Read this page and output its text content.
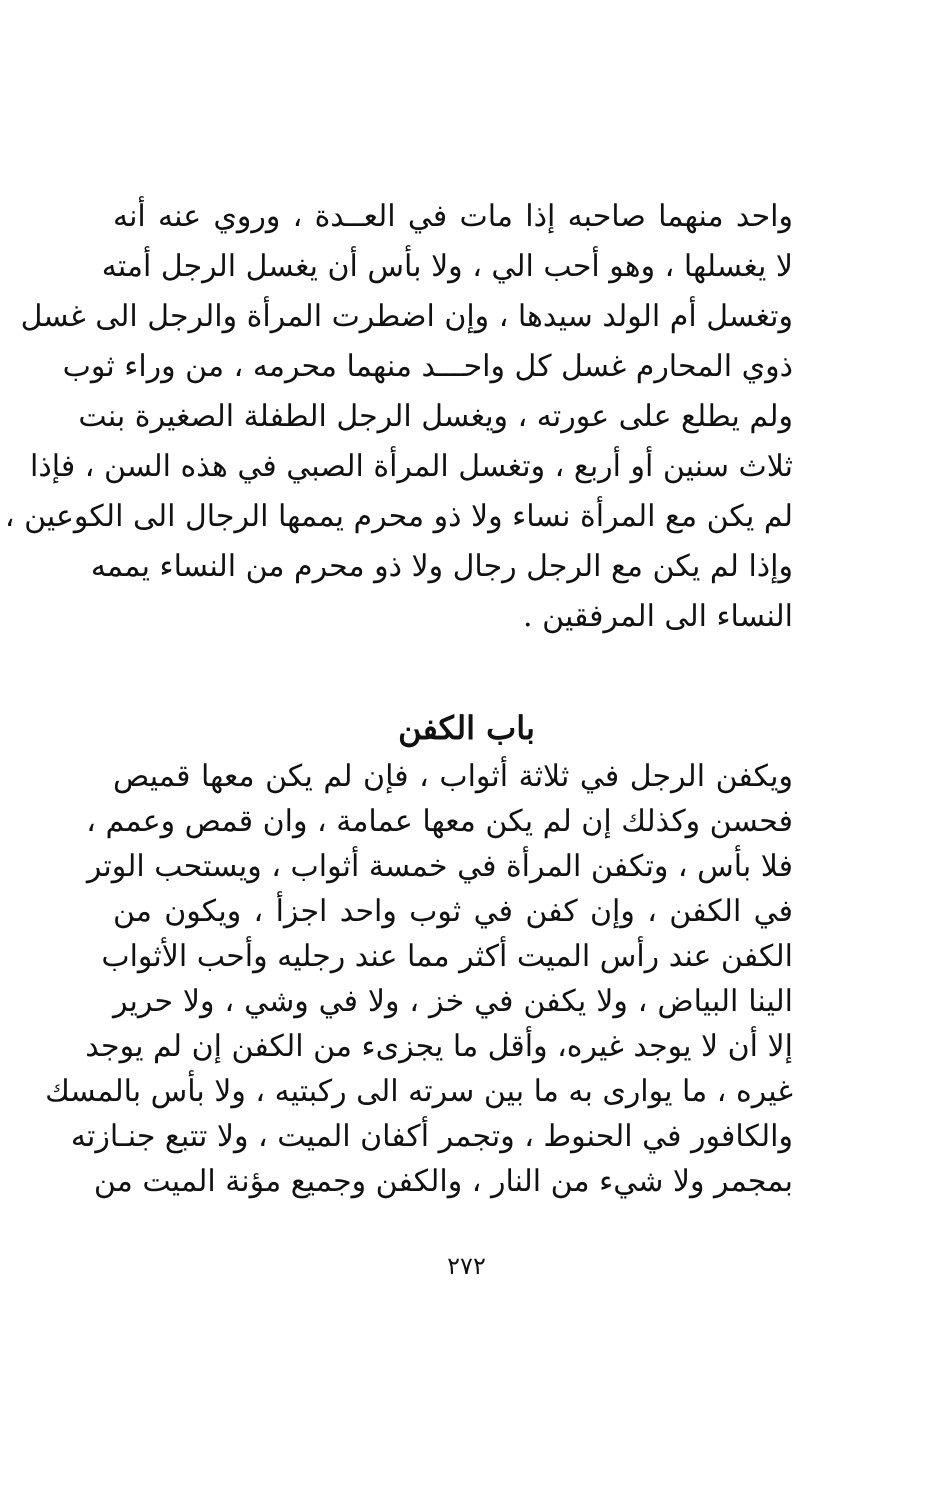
واحد منهما صاحبه إذا مات في العــدة ، وروي عنه أنه
لا يغسلها ، وهو أحب الي ، ولا بأس أن يغسل الرجل أمته
وتغسل أم الولد سيدها ، وإن اضطرت المرأة والرجل الى غسل
ذوي المحارم غسل كل واحـــد منهما محرمه ، من وراء ثوب
ولم يطلع على عورته ، ويغسل الرجل الطفلة الصغيرة بنت
ثلاث سنين أو أربع ، وتغسل المرأة الصبي في هذه السن ، فإذا
لم يكن مع المرأة نساء ولا ذو محرم يممها الرجال الى الكوعين ،
وإذا لم يكن مع الرجل رجال ولا ذو محرم من النساء يممه
النساء الى المرفقين .
باب الكفن
ويكفن الرجل في ثلاثة أثواب ، فإن لم يكن معها قميص
فحسن وكذلك إن لم يكن معها عمامة ، وان قمص وعمم ،
فلا بأس ، وتكفن المرأة في خمسة أثواب ، ويستحب الوتر
في الكفن ، وإن كفن في ثوب واحد اجزأ ، ويكون من
الكفن عند رأس الميت أكثر مما عند رجليه وأحب الأثواب
الينا البياض ، ولا يكفن في خز ، ولا في وشي ، ولا حرير
إلا أن لا يوجد غيره، وأقل ما يجزىء من الكفن إن لم يوجد
غيره ، ما يوارى به ما بين سرته الى ركبتيه ، ولا بأس بالمسك
والكافور في الحنوط ، وتجمر أكفان الميت ، ولا تتبع جنـازته
بمجمر ولا شيء من النار ، والكفن وجميع مؤنة الميت من
٢٧٢
